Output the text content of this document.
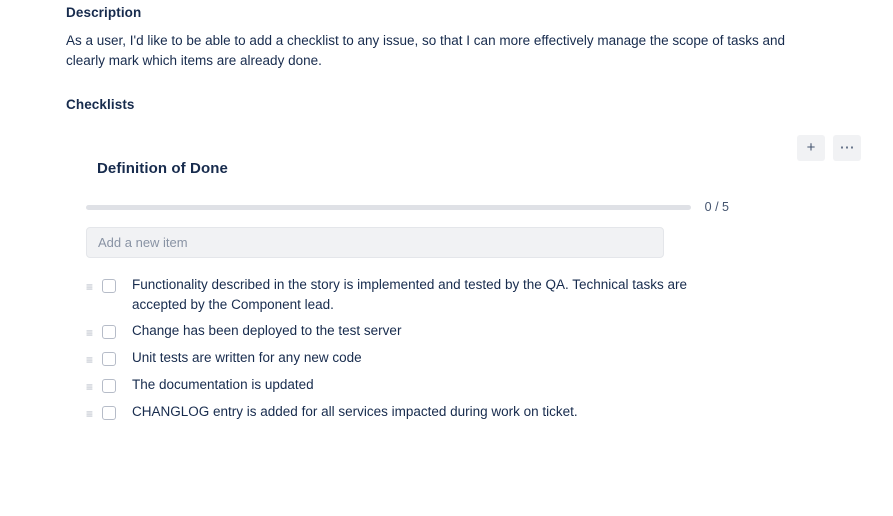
Description
As a user, I'd like to be able to add a checklist to any issue, so that I can more effectively manage the scope of tasks and clearly mark which items are already done.
Checklists
+	⋯
Definition of Done
0 / 5
Add a new item
≡	Functionality described in the story is implemented and tested by the QA. Technical tasks are accepted by the Component lead.
≡	Change has been deployed to the test server
≡	Unit tests are written for any new code
≡	The documentation is updated
≡	CHANGLOG entry is added for all services impacted during work on ticket.
